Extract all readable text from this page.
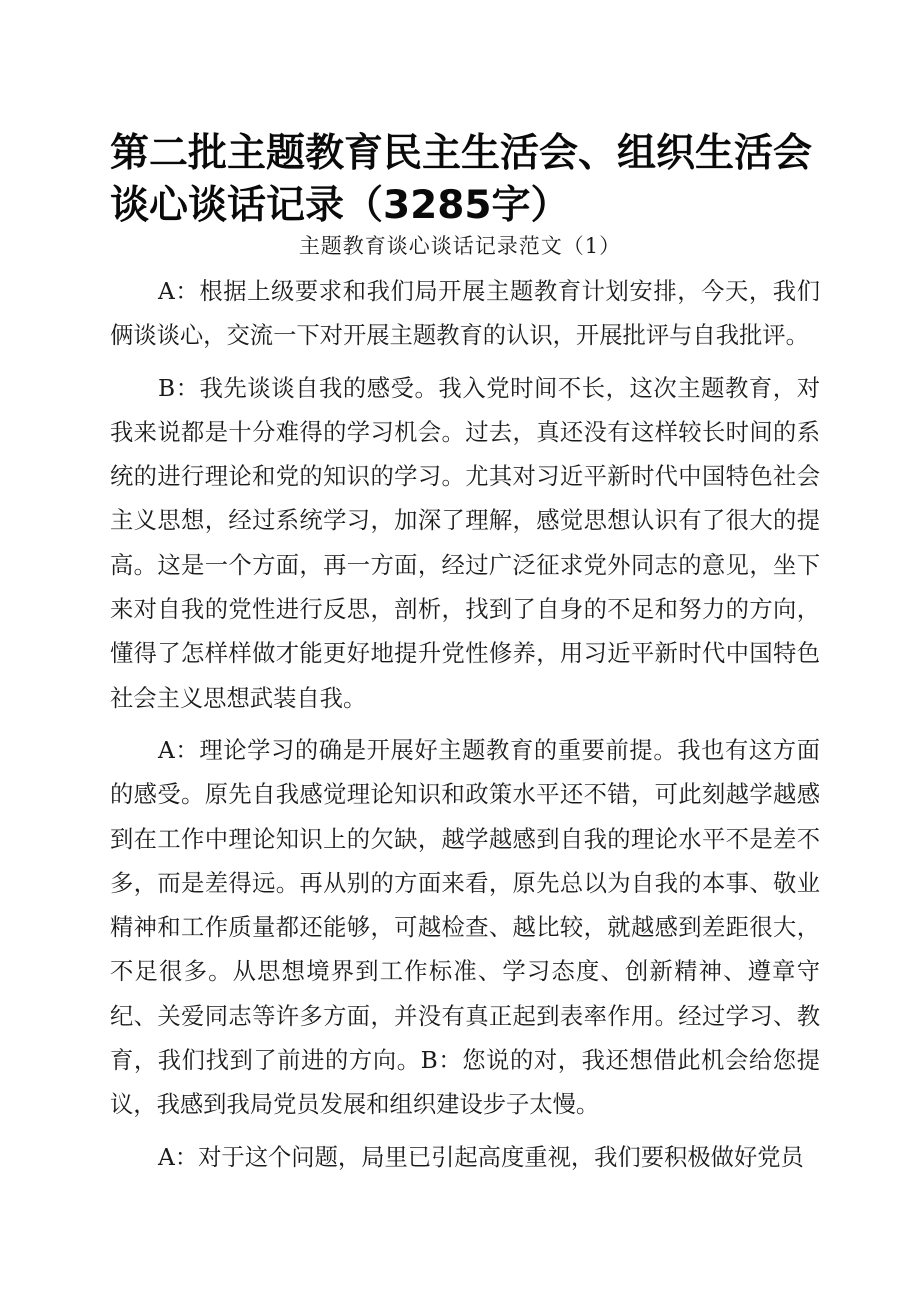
第二批主题教育民主生活会、组织生活会谈心谈话记录（3285字）
主题教育谈心谈话记录范文（1）

A：根据上级要求和我们局开展主题教育计划安排，今天，我们俩谈谈心，交流一下对开展主题教育的认识，开展批评与自我批评。

B：我先谈谈自我的感受。我入党时间不长，这次主题教育，对我来说都是十分难得的学习机会。过去，真还没有这样较长时间的系统的进行理论和党的知识的学习。尤其对习近平新时代中国特色社会主义思想，经过系统学习，加深了理解，感觉思想认识有了很大的提高。这是一个方面，再一方面，经过广泛征求党外同志的意见，坐下来对自我的党性进行反思，剖析，找到了自身的不足和努力的方向，懂得了怎样样做才能更好地提升党性修养，用习近平新时代中国特色社会主义思想武装自我。

A：理论学习的确是开展好主题教育的重要前提。我也有这方面的感受。原先自我感觉理论知识和政策水平还不错，可此刻越学越感到在工作中理论知识上的欠缺，越学越感到自我的理论水平不是差不多，而是差得远。再从别的方面来看，原先总以为自我的本事、敬业精神和工作质量都还能够，可越检查、越比较，就越感到差距很大，不足很多。从思想境界到工作标准、学习态度、创新精神、遵章守纪、关爱同志等许多方面，并没有真正起到表率作用。经过学习、教育，我们找到了前进的方向。B：您说的对，我还想借此机会给您提议，我感到我局党员发展和组织建设步子太慢。

A：对于这个问题，局里已引起高度重视，我们要积极做好党员
